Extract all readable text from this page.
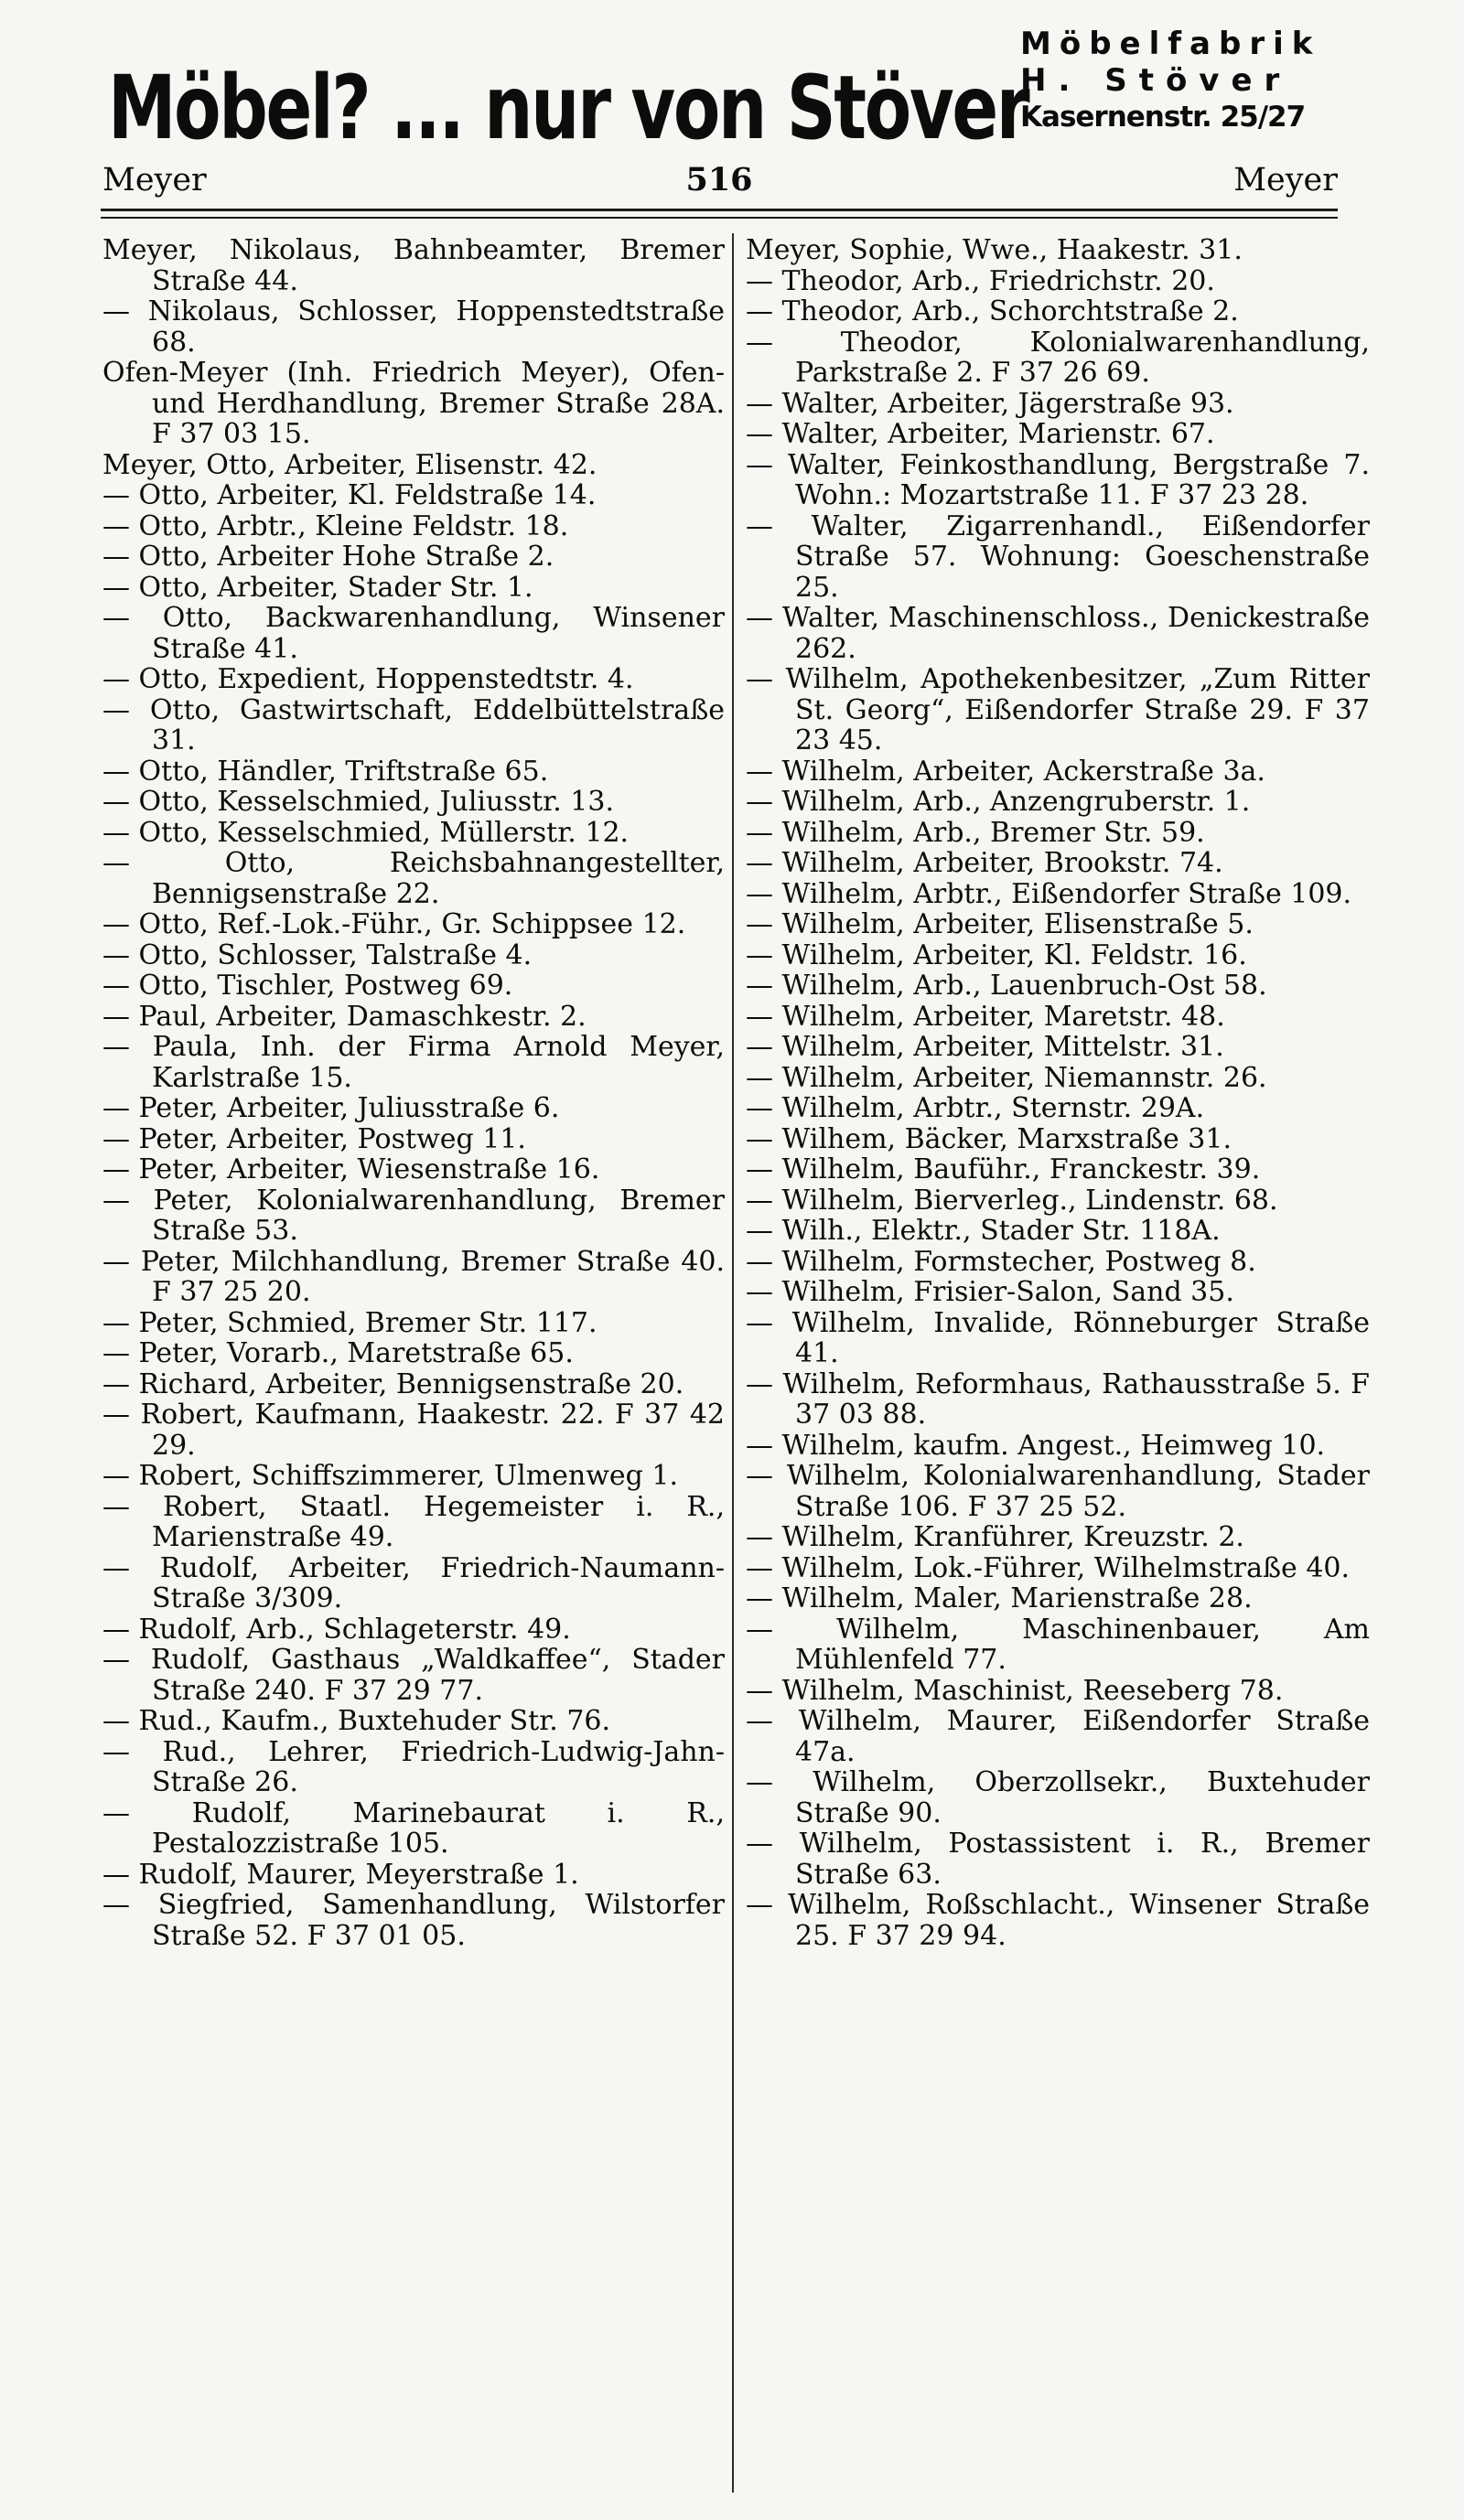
Möbel? ... nur von Stöver
Möbelfabrik
H. Stöver
Kasernenstr. 25/27
Meyer	516	Meyer

Meyer, Nikolaus, Bahnbeamter, Bremer Straße 44.

— Nikolaus, Schlosser, Hoppenstedtstraße 68.

Ofen-Meyer (Inh. Friedrich Meyer), Ofen- und Herdhandlung, Bremer Straße 28A. F 37 03 15.

Meyer, Otto, Arbeiter, Elisenstr. 42.

— Otto, Arbeiter, Kl. Feldstraße 14.

— Otto, Arbtr., Kleine Feldstr. 18.

— Otto, Arbeiter Hohe Straße 2.

— Otto, Arbeiter, Stader Str. 1.

— Otto, Backwarenhandlung, Winsener Straße 41.

— Otto, Expedient, Hoppenstedtstr. 4.

— Otto, Gastwirtschaft, Eddelbüttelstraße 31.

— Otto, Händler, Triftstraße 65.

— Otto, Kesselschmied, Juliusstr. 13.

— Otto, Kesselschmied, Müllerstr. 12.

— Otto, Reichsbahnangestellter, Bennigsenstraße 22.

— Otto, Ref.-Lok.-Führ., Gr. Schippsee 12.

— Otto, Schlosser, Talstraße 4.

— Otto, Tischler, Postweg 69.

— Paul, Arbeiter, Damaschkestr. 2.

— Paula, Inh. der Firma Arnold Meyer, Karlstraße 15.

— Peter, Arbeiter, Juliusstraße 6.

— Peter, Arbeiter, Postweg 11.

— Peter, Arbeiter, Wiesenstraße 16.

— Peter, Kolonialwarenhandlung, Bremer Straße 53.

— Peter, Milchhandlung, Bremer Straße 40. F 37 25 20.

— Peter, Schmied, Bremer Str. 117.

— Peter, Vorarb., Maretstraße 65.

— Richard, Arbeiter, Bennigsenstraße 20.

— Robert, Kaufmann, Haakestr. 22. F 37 42 29.

— Robert, Schiffszimmerer, Ulmenweg 1.

— Robert, Staatl. Hegemeister i. R., Marienstraße 49.

— Rudolf, Arbeiter, Friedrich-Naumann-Straße 3/309.

— Rudolf, Arb., Schlageterstr. 49.

— Rudolf, Gasthaus „Waldkaffee“, Stader Straße 240. F 37 29 77.

— Rud., Kaufm., Buxtehuder Str. 76.

— Rud., Lehrer, Friedrich-Ludwig-Jahn-Straße 26.

— Rudolf, Marinebaurat i. R., Pestalozzistraße 105.

— Rudolf, Maurer, Meyerstraße 1.

— Siegfried, Samenhandlung, Wilstorfer Straße 52. F 37 01 05.

Meyer, Sophie, Wwe., Haakestr. 31.

— Theodor, Arb., Friedrichstr. 20.

— Theodor, Arb., Schorchtstraße 2.

— Theodor, Kolonialwarenhandlung, Parkstraße 2. F 37 26 69.

— Walter, Arbeiter, Jägerstraße 93.

— Walter, Arbeiter, Marienstr. 67.

— Walter, Feinkosthandlung, Bergstraße 7. Wohn.: Mozartstraße 11. F 37 23 28.

— Walter, Zigarrenhandl., Eißendorfer Straße 57. Wohnung: Goeschenstraße 25.

— Walter, Maschinenschloss., Denickestraße 262.

— Wilhelm, Apothekenbesitzer, „Zum Ritter St. Georg“, Eißendorfer Straße 29. F 37 23 45.

— Wilhelm, Arbeiter, Ackerstraße 3a.

— Wilhelm, Arb., Anzengruberstr. 1.

— Wilhelm, Arb., Bremer Str. 59.

— Wilhelm, Arbeiter, Brookstr. 74.

— Wilhelm, Arbtr., Eißendorfer Straße 109.

— Wilhelm, Arbeiter, Elisenstraße 5.

— Wilhelm, Arbeiter, Kl. Feldstr. 16.

— Wilhelm, Arb., Lauenbruch-Ost 58.

— Wilhelm, Arbeiter, Maretstr. 48.

— Wilhelm, Arbeiter, Mittelstr. 31.

— Wilhelm, Arbeiter, Niemannstr. 26.

— Wilhelm, Arbtr., Sternstr. 29A.

— Wilhem, Bäcker, Marxstraße 31.

— Wilhelm, Bauführ., Franckestr. 39.

— Wilhelm, Bierverleg., Lindenstr. 68.

— Wilh., Elektr., Stader Str. 118A.

— Wilhelm, Formstecher, Postweg 8.

— Wilhelm, Frisier-Salon, Sand 35.

— Wilhelm, Invalide, Rönneburger Straße 41.

— Wilhelm, Reformhaus, Rathausstraße 5. F 37 03 88.

— Wilhelm, kaufm. Angest., Heimweg 10.

— Wilhelm, Kolonialwarenhandlung, Stader Straße 106. F 37 25 52.

— Wilhelm, Kranführer, Kreuzstr. 2.

— Wilhelm, Lok.-Führer, Wilhelmstraße 40.

— Wilhelm, Maler, Marienstraße 28.

— Wilhelm, Maschinenbauer, Am Mühlenfeld 77.

— Wilhelm, Maschinist, Reeseberg 78.

— Wilhelm, Maurer, Eißendorfer Straße 47a.

— Wilhelm, Oberzollsekr., Buxtehuder Straße 90.

— Wilhelm, Postassistent i. R., Bremer Straße 63.

— Wilhelm, Roßschlacht., Winsener Straße 25. F 37 29 94.
